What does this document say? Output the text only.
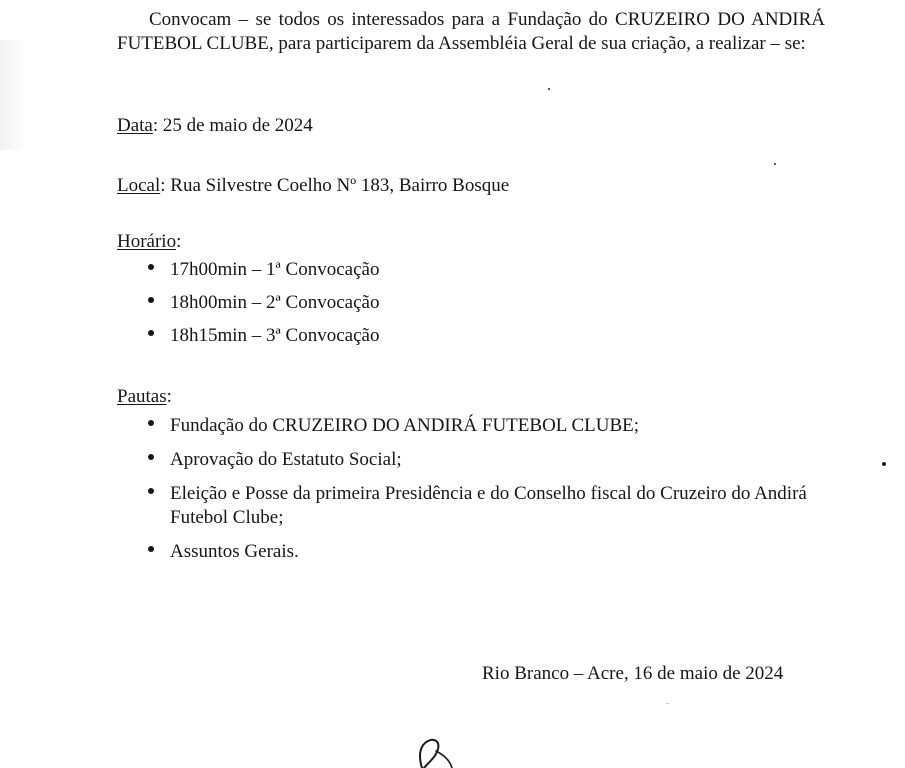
Convocam – se todos os interessados para a Fundação do CRUZEIRO DO ANDIRÁ FUTEBOL CLUBE, para participarem da Assembléia Geral de sua criação, a realizar – se:

Data: 25 de maio de 2024

Local: Rua Silvestre Coelho Nº 183, Bairro Bosque

Horário:

17h00min – 1ª Convocação
18h00min – 2ª Convocação
18h15min – 3ª Convocação

Pautas:

Fundação do CRUZEIRO DO ANDIRÁ FUTEBOL CLUBE;
Aprovação do Estatuto Social;
Eleição e Posse da primeira Presidência e do Conselho fiscal do Cruzeiro do Andirá Futebol Clube;
Assuntos Gerais.

Rio Branco – Acre, 16 de maio de 2024
